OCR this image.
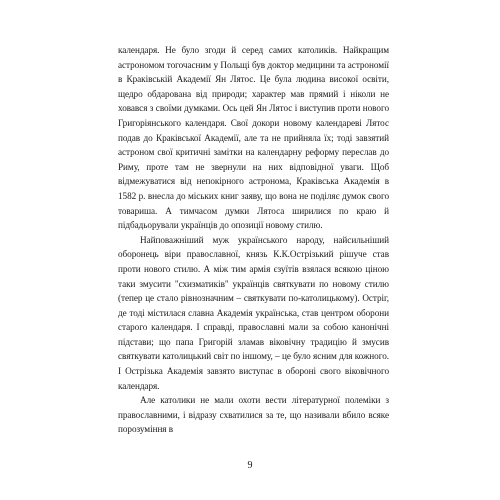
календаря. Не було згоди й серед самих католиків. Найкращим астрономом тогочасним у Польщі був доктор медицини та астрономії в Краківській Академії Ян Лятос. Це була людина високої освіти, щедро обдарована від природи; характер мав прямий і ніколи не ховався з своїми думками. Ось цей Ян Лятос і виступив проти нового Григоріянського календаря. Свої докори новому календареві Лятос подав до Краківської Академії, але та не прийняла їх; тоді завзятий астроном свої критичні замітки на календарну реформу переслав до Риму, проте там не звернули на них відповідної уваги. Щоб відмежуватися від непокірного астронома, Краківська Академія в 1582 р. внесла до міських книг заяву, що вона не поділяє думок свого товариша. А тимчасом думки Лятоса ширилися по краю й підбадьорували українців до опозиції новому стилю.

Найповажніший муж українського народу, найсильніший оборонець віри православної, князь К.К.Острізький рішуче став проти нового стилю. А між тим армія єзуїтів взялася всякою ціною таки змусити "схизматиків" українців святкувати по новому стилю (тепер це стало рівнозначним – святкувати по-католицькому). Остріг, де тоді містилася славна Академія українська, став центром оборони старого календаря. І справді, православні мали за собою канонічні підстави; що папа Григорій зламав віковічну традицію й змусив святкувати католицький світ по іншому, – це було ясним для кожного. І Острізька Академія завзято виступає в обороні свого віковічного календаря.

Але католики не мали охоти вести літературної полеміки з православними, і відразу схватилися за те, що називали вбило всяке порозуміння в

9
